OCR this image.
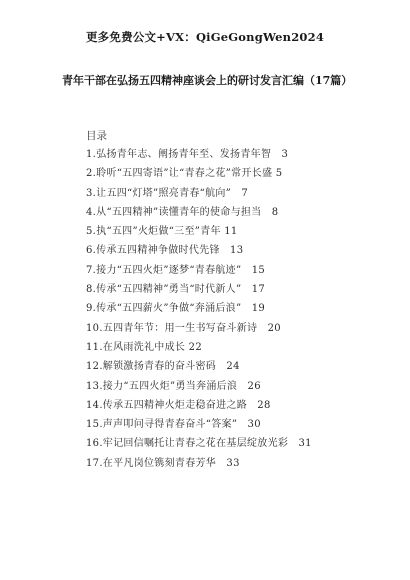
更多免费公文+VX：QiGeGongWen2024
青年干部在弘扬五四精神座谈会上的研讨发言汇编（17篇）
目录
1.弘扬青年志、阐扬青年至、发扬青年智　3
2.聆听“五四寄语”让“青春之花”常开长盛 5
3.让五四“灯塔”照亮青春“航向”　7
4.从“五四精神”读懂青年的使命与担当　8
5.执“五四”火炬做“三至”青年 11
6.传承五四精神争做时代先锋　13
7.接力“五四火炬”逐梦“青春航迹”　15
8.传承“五四精神”勇当“时代新人”　17
9.传承“五四薪火”争做“奔涌后浪”　19
10.五四青年节：用一生书写奋斗新诗　20
11.在风雨洗礼中成长 22
12.解锁激扬青春的奋斗密码　24
13.接力“五四火炬”勇当奔涌后浪　26
14.传承五四精神火炬走稳奋进之路　28
15.声声叩问寻得青春奋斗“答案”　30
16.牢记回信嘱托让青春之花在基层绽放光彩　31
17.在平凡岗位镌刻青春芳华　33
